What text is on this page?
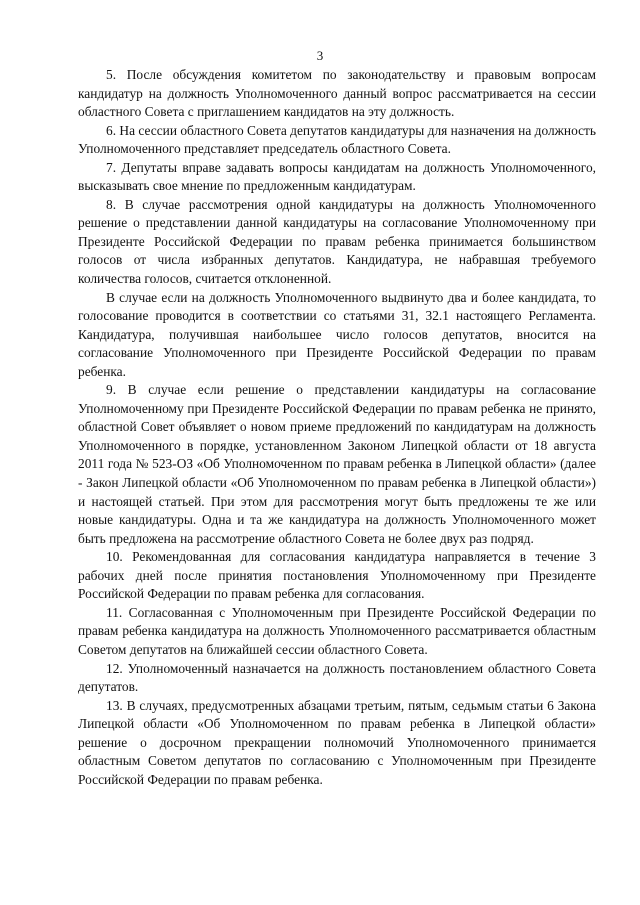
3

5. После обсуждения комитетом по законодательству и правовым вопросам кандидатур на должность Уполномоченного данный вопрос рассматривается на сессии областного Совета с приглашением кандидатов на эту должность.

6. На сессии областного Совета депутатов кандидатуры для назначения на должность Уполномоченного представляет председатель областного Совета.

7. Депутаты вправе задавать вопросы кандидатам на должность Уполномоченного, высказывать свое мнение по предложенным кандидатурам.

8. В случае рассмотрения одной кандидатуры на должность Уполномоченного решение о представлении данной кандидатуры на согласование Уполномоченному при Президенте Российской Федерации по правам ребенка принимается большинством голосов от числа избранных депутатов. Кандидатура, не набравшая требуемого количества голосов, считается отклоненной.

В случае если на должность Уполномоченного выдвинуто два и более кандидата, то голосование проводится в соответствии со статьями 31, 32.1 настоящего Регламента. Кандидатура, получившая наибольшее число голосов депутатов, вносится на согласование Уполномоченного при Президенте Российской Федерации по правам ребенка.

9. В случае если решение о представлении кандидатуры на согласование Уполномоченному при Президенте Российской Федерации по правам ребенка не принято, областной Совет объявляет о новом приеме предложений по кандидатурам на должность Уполномоченного в порядке, установленном Законом Липецкой области от 18 августа 2011 года № 523-ОЗ «Об Уполномоченном по правам ребенка в Липецкой области» (далее - Закон Липецкой области «Об Уполномоченном по правам ребенка в Липецкой области») и настоящей статьей. При этом для рассмотрения могут быть предложены те же или новые кандидатуры. Одна и та же кандидатура на должность Уполномоченного может быть предложена на рассмотрение областного Совета не более двух раз подряд.

10. Рекомендованная для согласования кандидатура направляется в течение 3 рабочих дней после принятия постановления Уполномоченному при Президенте Российской Федерации по правам ребенка для согласования.

11. Согласованная с Уполномоченным при Президенте Российской Федерации по правам ребенка кандидатура на должность Уполномоченного рассматривается областным Советом депутатов на ближайшей сессии областного Совета.

12. Уполномоченный назначается на должность постановлением областного Совета депутатов.

13. В случаях, предусмотренных абзацами третьим, пятым, седьмым статьи 6 Закона Липецкой области «Об Уполномоченном по правам ребенка в Липецкой области» решение о досрочном прекращении полномочий Уполномоченного принимается областным Советом депутатов по согласованию с Уполномоченным при Президенте Российской Федерации по правам ребенка.
